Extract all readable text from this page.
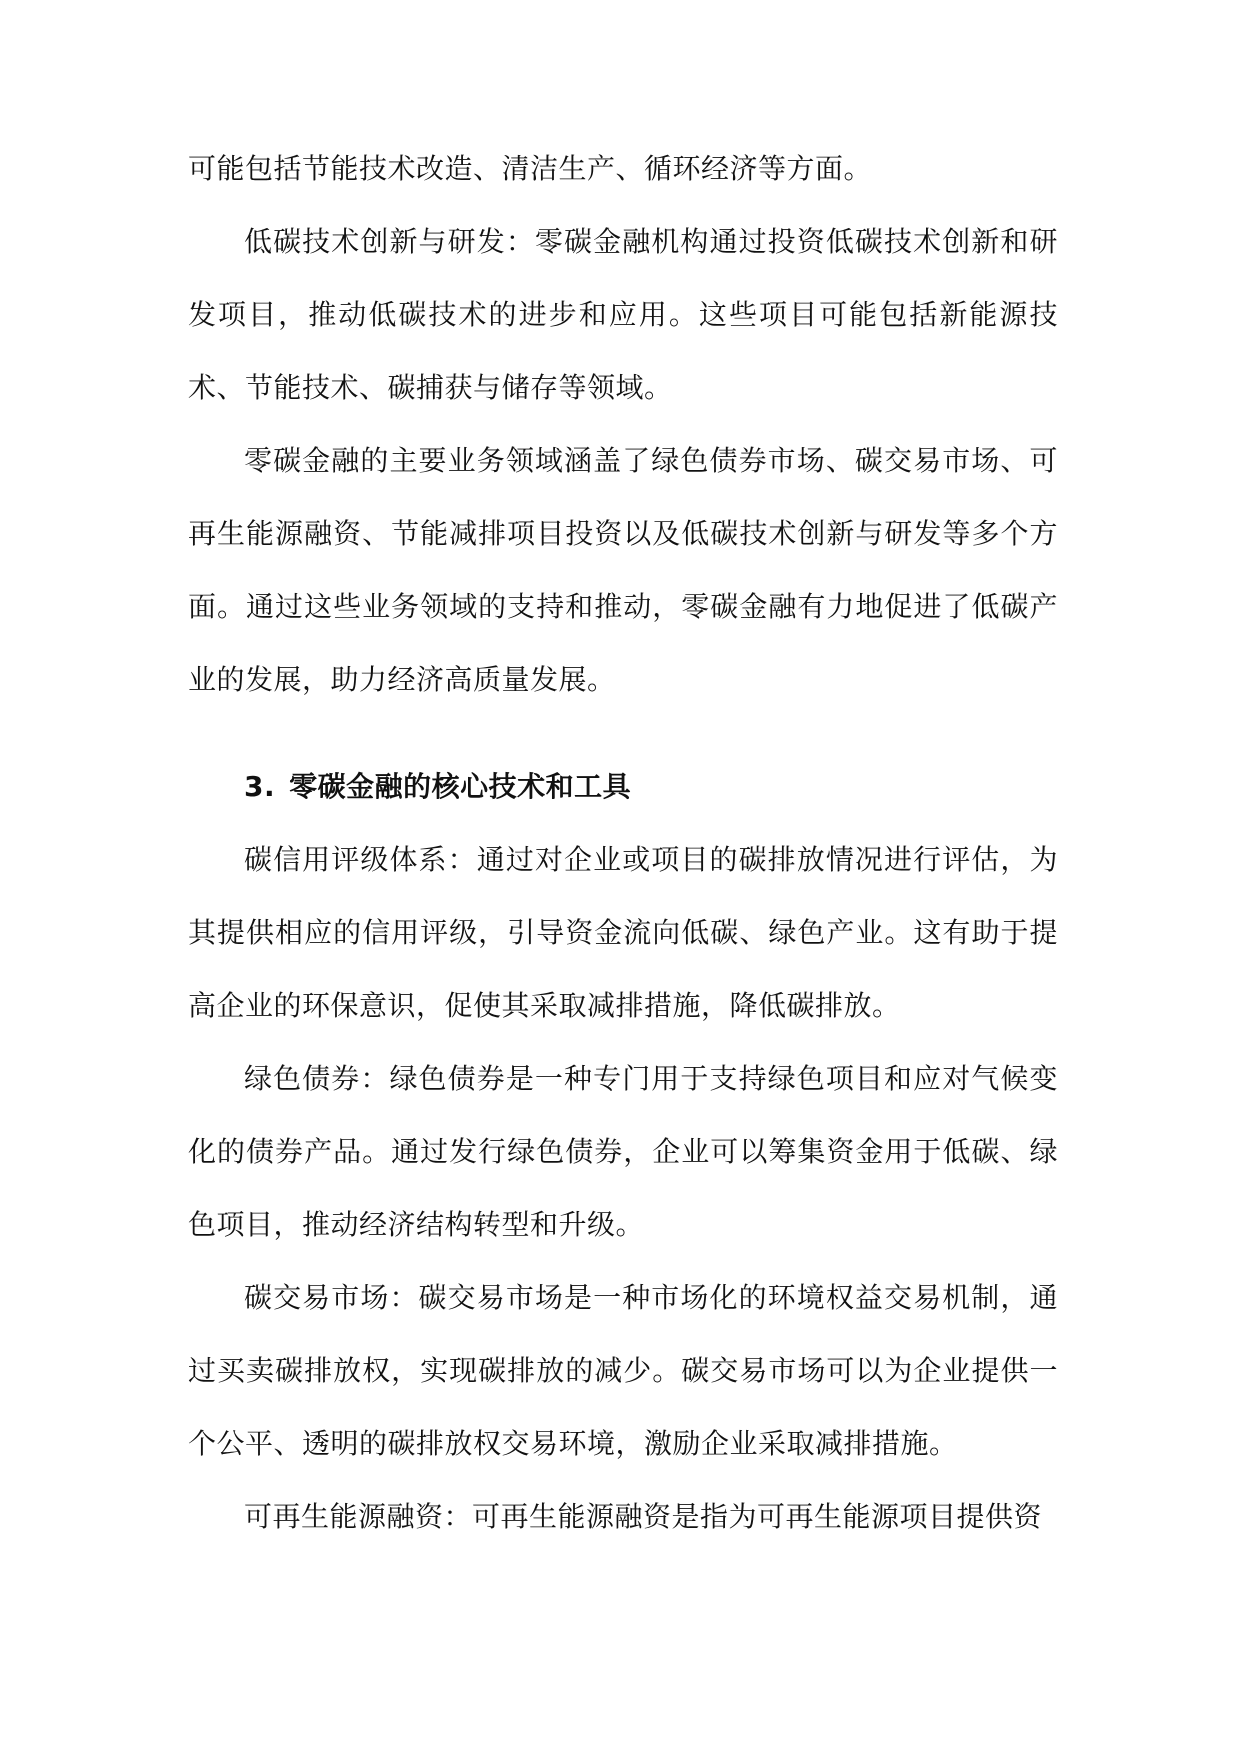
可能包括节能技术改造、清洁生产、循环经济等方面。

低碳技术创新与研发：零碳金融机构通过投资低碳技术创新和研发项目，推动低碳技术的进步和应用。这些项目可能包括新能源技术、节能技术、碳捕获与储存等领域。

零碳金融的主要业务领域涵盖了绿色债券市场、碳交易市场、可再生能源融资、节能减排项目投资以及低碳技术创新与研发等多个方面。通过这些业务领域的支持和推动，零碳金融有力地促进了低碳产业的发展，助力经济高质量发展。

3. 零碳金融的核心技术和工具

碳信用评级体系：通过对企业或项目的碳排放情况进行评估，为其提供相应的信用评级，引导资金流向低碳、绿色产业。这有助于提高企业的环保意识，促使其采取减排措施，降低碳排放。

绿色债券：绿色债券是一种专门用于支持绿色项目和应对气候变化的债券产品。通过发行绿色债券，企业可以筹集资金用于低碳、绿色项目，推动经济结构转型和升级。

碳交易市场：碳交易市场是一种市场化的环境权益交易机制，通过买卖碳排放权，实现碳排放的减少。碳交易市场可以为企业提供一个公平、透明的碳排放权交易环境，激励企业采取减排措施。

可再生能源融资：可再生能源融资是指为可再生能源项目提供资
